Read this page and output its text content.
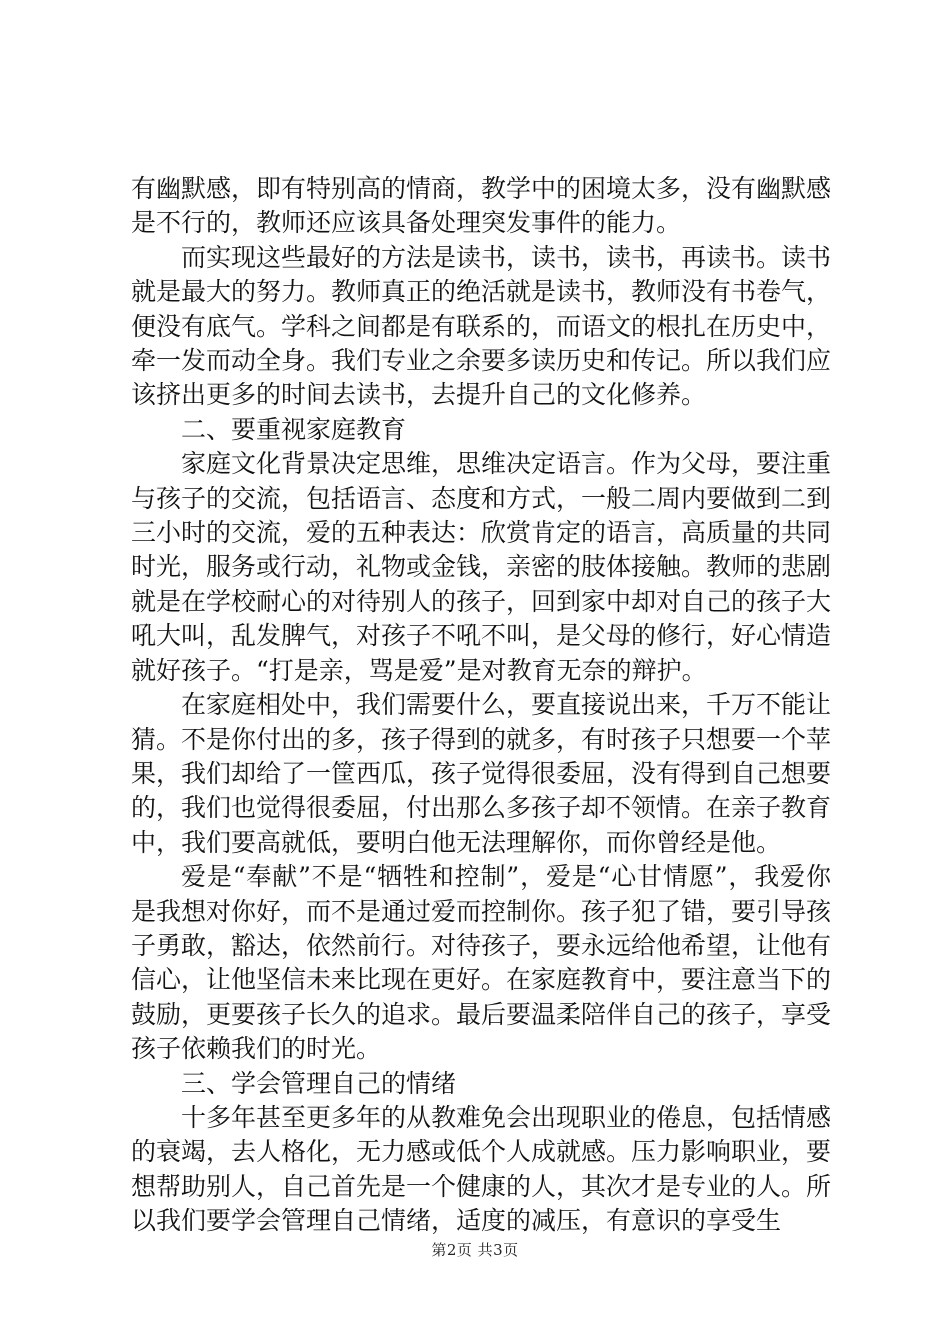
有幽默感，即有特别高的情商，教学中的困境太多，没有幽默感是不行的，教师还应该具备处理突发事件的能力。

而实现这些最好的方法是读书，读书，读书，再读书。读书就是最大的努力。教师真正的绝活就是读书，教师没有书卷气，便没有底气。学科之间都是有联系的，而语文的根扎在历史中，牵一发而动全身。我们专业之余要多读历史和传记。所以我们应该挤出更多的时间去读书，去提升自己的文化修养。

二、要重视家庭教育

家庭文化背景决定思维，思维决定语言。作为父母，要注重与孩子的交流，包括语言、态度和方式，一般二周内要做到二到三小时的交流，爱的五种表达：欣赏肯定的语言，高质量的共同时光，服务或行动，礼物或金钱，亲密的肢体接触。教师的悲剧就是在学校耐心的对待别人的孩子，回到家中却对自己的孩子大吼大叫，乱发脾气，对孩子不吼不叫，是父母的修行，好心情造就好孩子。“打是亲，骂是爱”是对教育无奈的辩护。

在家庭相处中，我们需要什么，要直接说出来，千万不能让猜。不是你付出的多，孩子得到的就多，有时孩子只想要一个苹果，我们却给了一筐西瓜，孩子觉得很委屈，没有得到自己想要的，我们也觉得很委屈，付出那么多孩子却不领情。在亲子教育中，我们要高就低，要明白他无法理解你，而你曾经是他。

爱是“奉献”不是“牺牲和控制”，爱是“心甘情愿”，我爱你是我想对你好，而不是通过爱而控制你。孩子犯了错，要引导孩子勇敢，豁达，依然前行。对待孩子，要永远给他希望，让他有信心，让他坚信未来比现在更好。在家庭教育中，要注意当下的鼓励，更要孩子长久的追求。最后要温柔陪伴自己的孩子，享受孩子依赖我们的时光。

三、学会管理自己的情绪

十多年甚至更多年的从教难免会出现职业的倦息，包括情感的衰竭，去人格化，无力感或低个人成就感。压力影响职业，要想帮助别人，自己首先是一个健康的人，其次才是专业的人。所以我们要学会管理自己情绪，适度的减压，有意识的享受生

第2页 共3页
